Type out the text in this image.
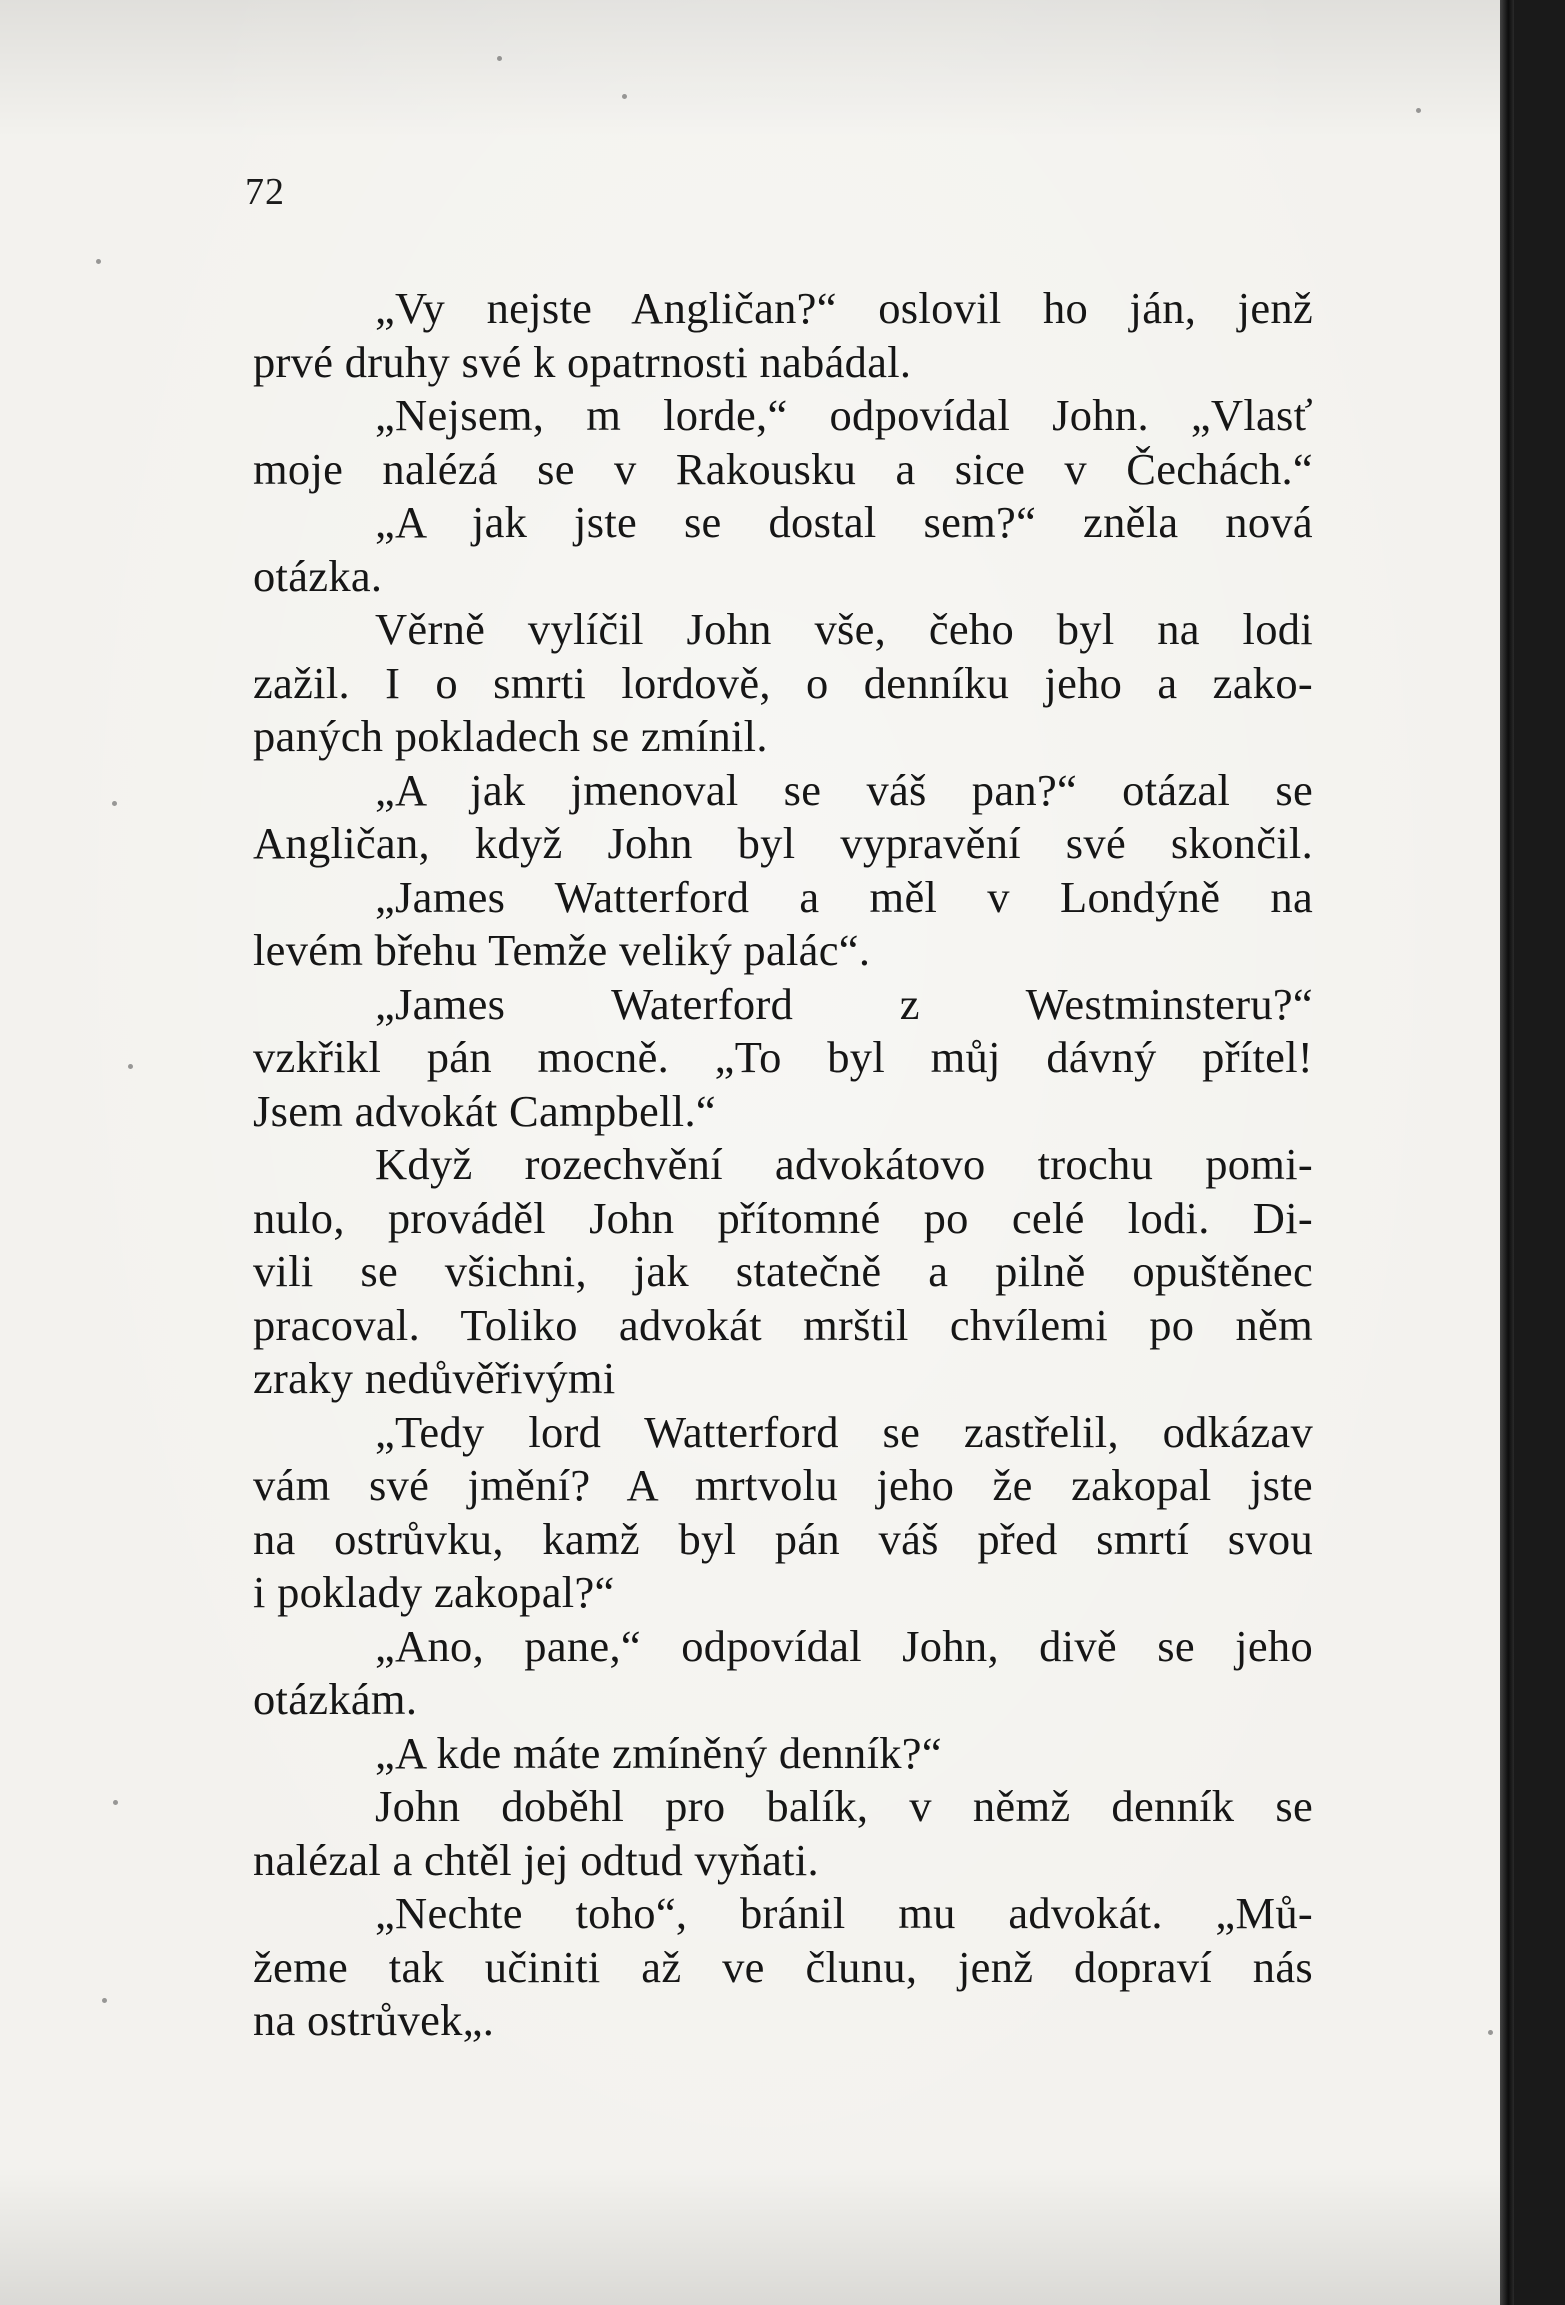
72
„Vy nejste Angličan?“ oslovil ho ján, jenž
prvé druhy své k opatrnosti nabádal.
„Nejsem, m lorde,“ odpovídal John. „Vlasť
moje nalézá se v Rakousku a sice v Čechách.“
„A jak jste se dostal sem?“ zněla nová
otázka.
Věrně vylíčil John vše, čeho byl na lodi
zažil. I o smrti lordově, o denníku jeho a zako-
paných pokladech se zmínil.
„A jak jmenoval se váš pan?“ otázal se
Angličan, když John byl vypravění své skončil.
„James Watterford a měl v Londýně na
levém břehu Temže veliký palác“.
„James Waterford z Westminsteru?“
vzkřikl pán mocně. „To byl můj dávný přítel!
Jsem advokát Campbell.“
Když rozechvění advokátovo trochu pomi-
nulo, prováděl John přítomné po celé lodi. Di-
vili se všichni, jak statečně a pilně opuštěnec
pracoval. Toliko advokát mrštil chvílemi po něm
zraky nedůvěřivými
„Tedy lord Watterford se zastřelil, odkázav
vám své jmění? A mrtvolu jeho že zakopal jste
na ostrůvku, kamž byl pán váš před smrtí svou
i poklady zakopal?“
„Ano, pane,“ odpovídal John, divě se jeho
otázkám.
„A kde máte zmíněný denník?“
John doběhl pro balík, v němž denník se
nalézal a chtěl jej odtud vyňati.
„Nechte toho“, bránil mu advokát. „Mů-
žeme tak učiniti až ve člunu, jenž dopraví nás
na ostrůvek„.
